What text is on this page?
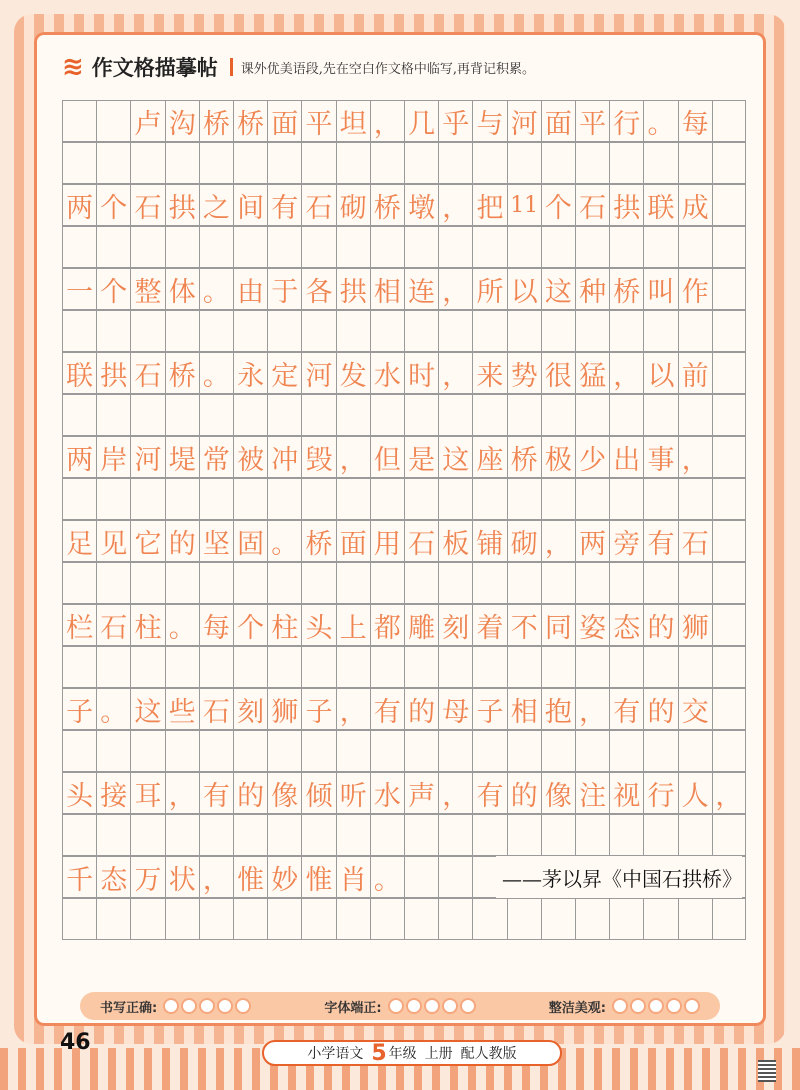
≋ 作文格描摹帖 课外优美语段,先在空白作文格中临写,再背记积累。
卢 沟 桥 桥 面 平 坦 ， 几 乎 与 河 面 平 行 。 每
两 个 石 拱 之 间 有 石 砌 桥 墩 ， 把 11 个 石 拱 联 成
一 个 整 体 。 由 于 各 拱 相 连 ， 所 以 这 种 桥 叫 作
联 拱 石 桥 。 永 定 河 发 水 时 ， 来 势 很 猛 ， 以 前
两 岸 河 堤 常 被 冲 毁 ， 但 是 这 座 桥 极 少 出 事 ，
足 见 它 的 坚 固 。 桥 面 用 石 板 铺 砌 ， 两 旁 有 石
栏 石 柱 。 每 个 柱 头 上 都 雕 刻 着 不 同 姿 态 的 狮
子 。 这 些 石 刻 狮 子 ， 有 的 母 子 相 抱 ， 有 的 交
头 接 耳 ， 有 的 像 倾 听 水 声 ， 有 的 像 注 视 行 人 ，
千 态 万 状 ， 惟 妙 惟 肖 。	——茅以昇《中国石拱桥》
书写正确:	字体端正:	整洁美观:
46	小学语文 5 年级 上册 配人教版
